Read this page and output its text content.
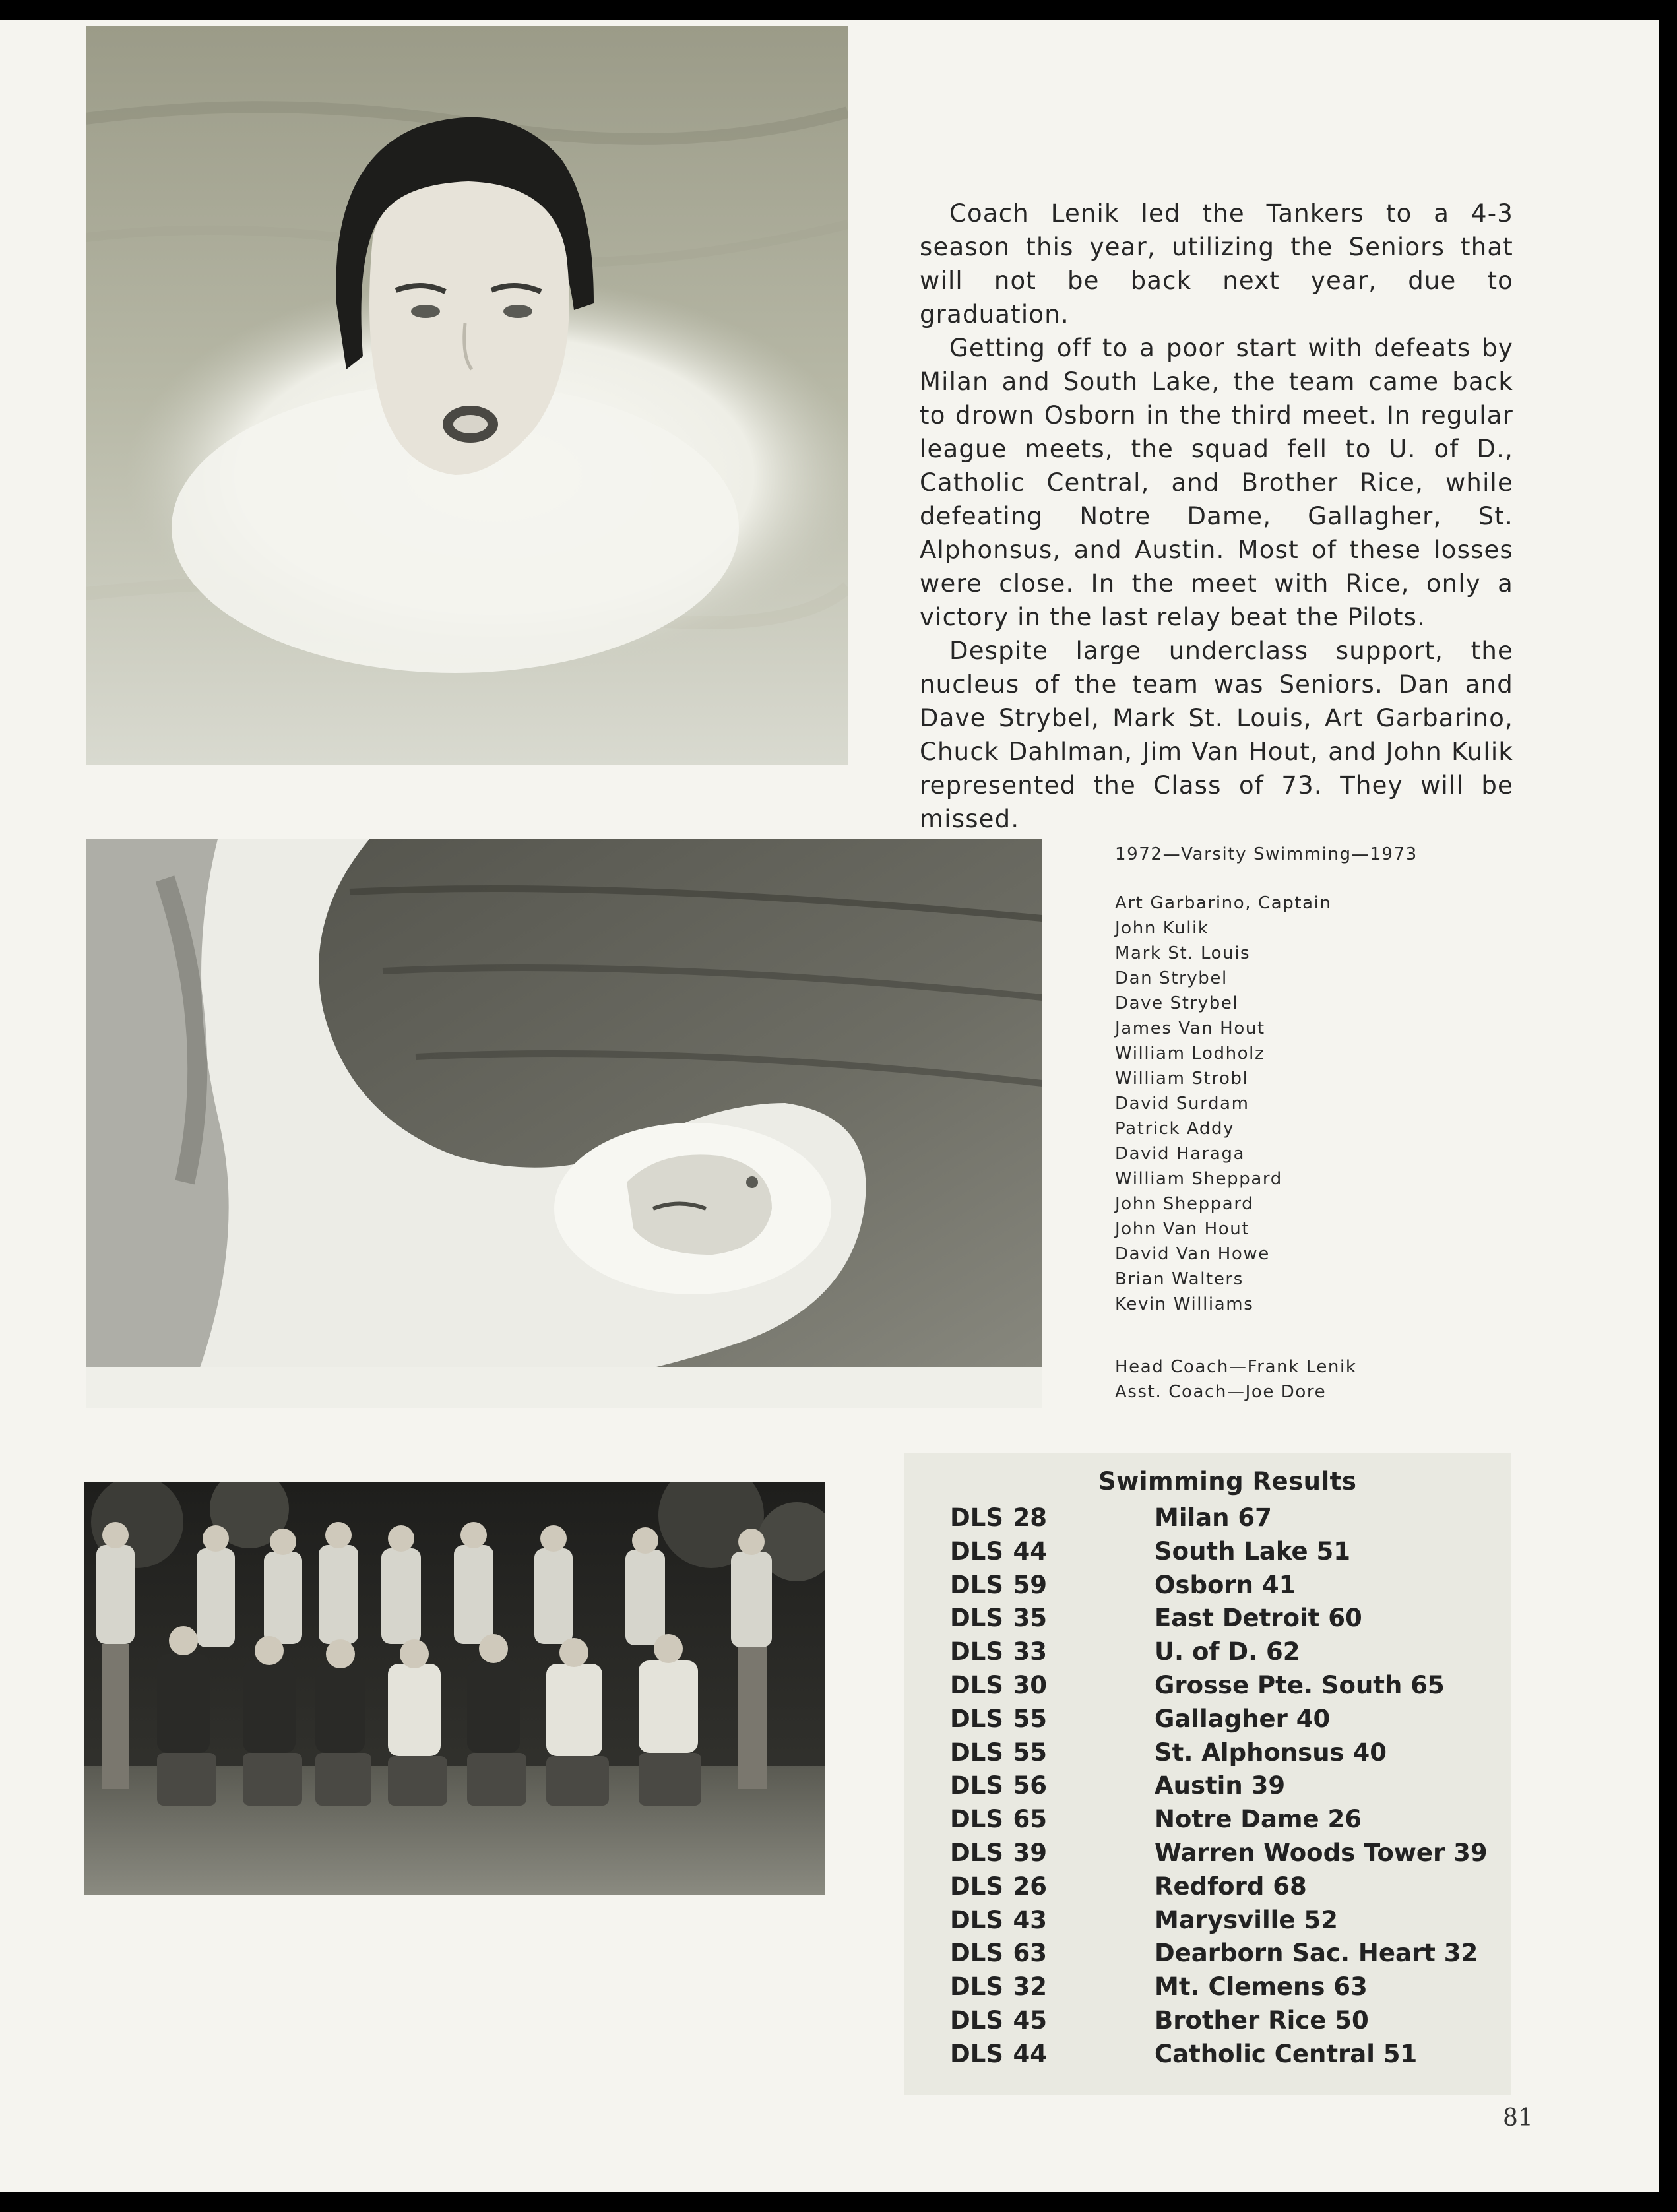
Coach Lenik led the Tankers to a 4-3 season this year, utilizing the Seniors that will not be back next year, due to graduation.

Getting off to a poor start with defeats by Milan and South Lake, the team came back to drown Osborn in the third meet. In regular league meets, the squad fell to U. of D., Catholic Central, and Brother Rice, while defeating Notre Dame, Gallagher, St. Alphonsus, and Austin. Most of these losses were close. In the meet with Rice, only a victory in the last relay beat the Pilots.

Despite large underclass support, the nucleus of the team was Seniors. Dan and Dave Strybel, Mark St. Louis, Art Garbarino, Chuck Dahlman, Jim Van Hout, and John Kulik represented the Class of 73. They will be missed.

1972—Varsity Swimming—1973
Art Garbarino, Captain
John Kulik
Mark St. Louis
Dan Strybel
Dave Strybel
James Van Hout
William Lodholz
William Strobl
David Surdam
Patrick Addy
David Haraga
William Sheppard
John Sheppard
John Van Hout
David Van Howe
Brian Walters
Kevin Williams
Head Coach—Frank Lenik
Asst. Coach—Joe Dore
Swimming Results
DLS 28	Milan 67
DLS 44	South Lake 51
DLS 59	Osborn 41
DLS 35	East Detroit 60
DLS 33	U. of D. 62
DLS 30	Grosse Pte. South 65
DLS 55	Gallagher 40
DLS 55	St. Alphonsus 40
DLS 56	Austin 39
DLS 65	Notre Dame 26
DLS 39	Warren Woods Tower 39
DLS 26	Redford 68
DLS 43	Marysville 52
DLS 63	Dearborn Sac. Heart 32
DLS 32	Mt. Clemens 63
DLS 45	Brother Rice 50
DLS 44	Catholic Central 51
81
